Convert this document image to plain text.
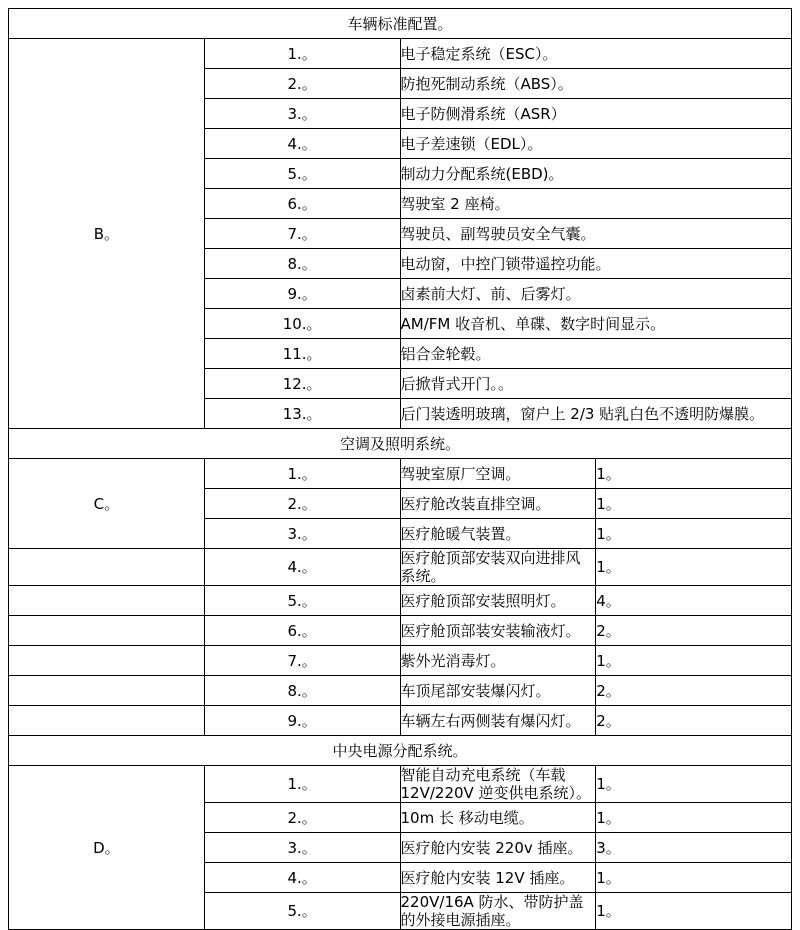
车辆标准配置。			

B。	1.。	电子稳定系统（ESC）。	
	2.。	防抱死制动系统（ABS）。	
	3.。	电子防侧滑系统（ASR）	
	4.。	电子差速锁（EDL）。	
	5.。	制动力分配系统(EBD)。	
	6.。	驾驶室 2 座椅。	
	7.。	驾驶员、副驾驶员安全气囊。	
	8.。	电动窗，中控门锁带遥控功能。	
	9.。	卤素前大灯、前、后雾灯。	
	10.。	AM/FM 收音机、单碟、数字时间显示。	
	11.。	铝合金轮毂。	
	12.。	后掀背式开门。。	
	13.。	后门装透明玻璃，窗户上 2/3 贴乳白色不透明防爆膜。	

空调及照明系统。			

C。	1.。	驾驶室原厂空调。	1。
	2.。	医疗舱改装直排空调。	1。
	3.。	医疗舱暖气装置。	1。
	4.。	医疗舱顶部安装双向进排风系统。	1。
	5.。	医疗舱顶部安装照明灯。	4。
	6.。	医疗舱顶部装安装输液灯。	2。
	7.。	紫外光消毒灯。	1。
	8.。	车顶尾部安装爆闪灯。	2。
	9.。	车辆左右两侧装有爆闪灯。	2。

中央电源分配系统。			

D。	1.。	智能自动充电系统（车载 12V/220V 逆变供电系统）。	1。
	2.。	10m 长 移动电缆。	1。
	3.。	医疗舱内安装 220v 插座。	3。
	4.。	医疗舱内安装 12V 插座。	1。
	5.。	220V/16A 防水、带防护盖的外接电源插座。	1。
